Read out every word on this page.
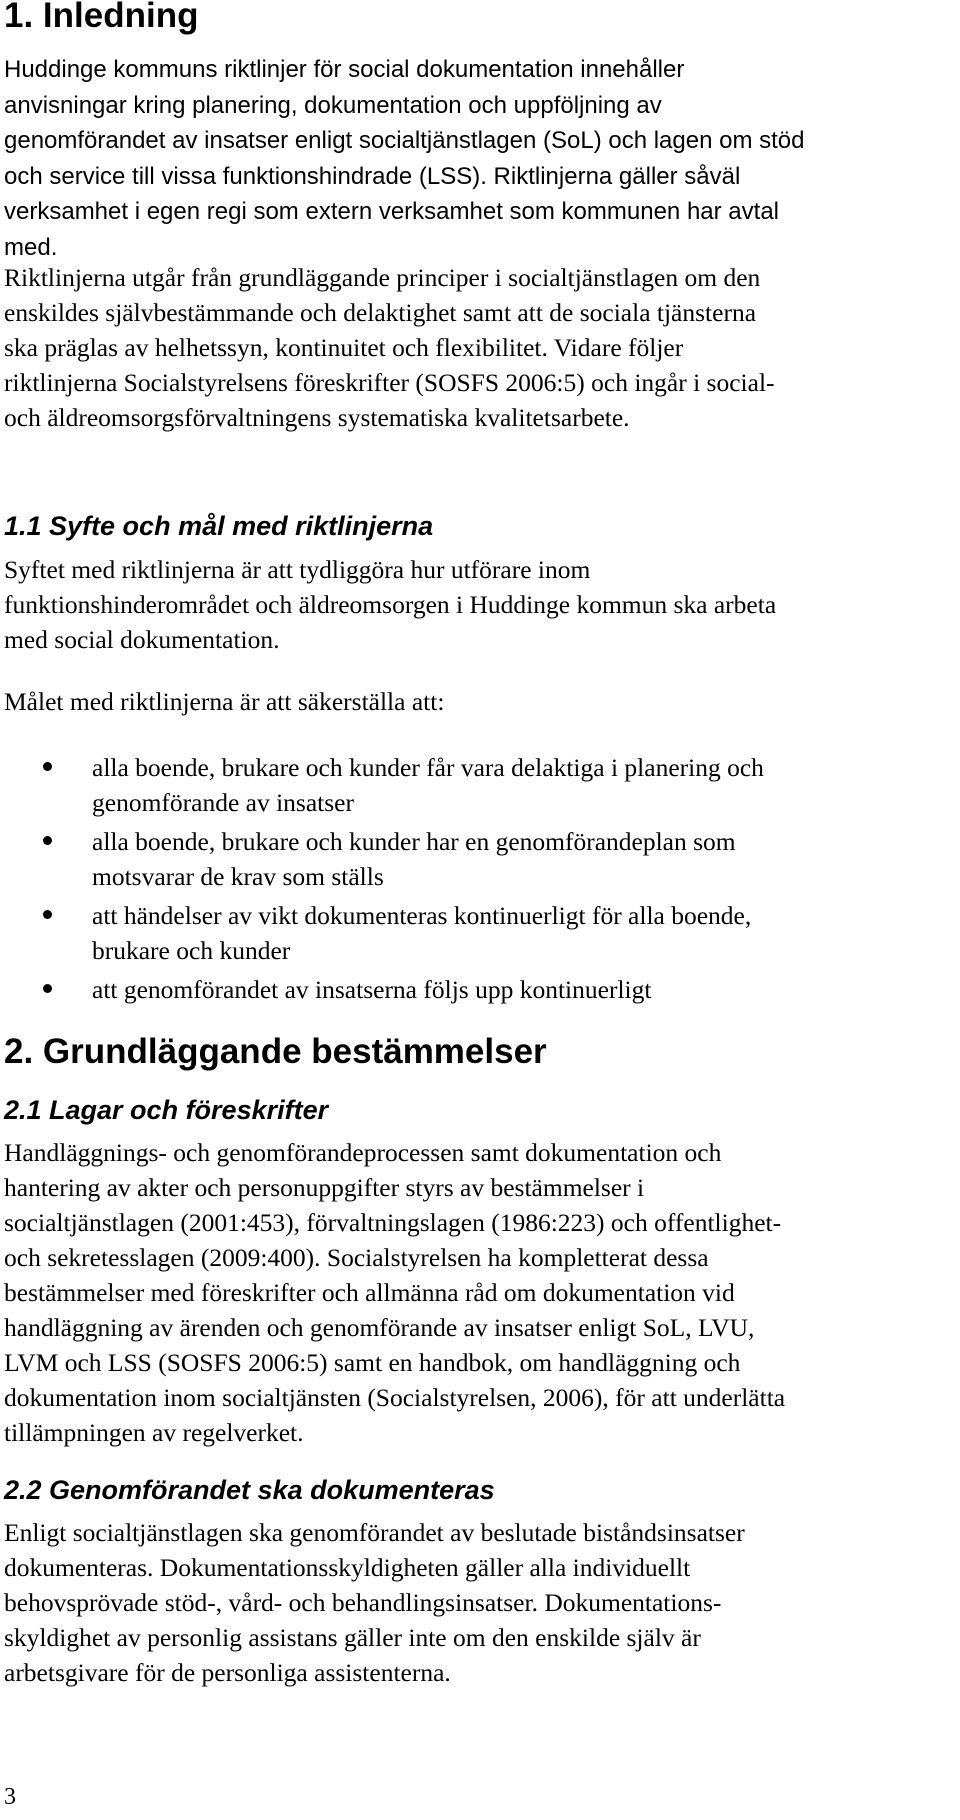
1. Inledning
Huddinge kommuns riktlinjer för social dokumentation innehåller
anvisningar kring planering, dokumentation och uppföljning av
genomförandet av insatser enligt socialtjänstlagen (SoL) och lagen om stöd
och service till vissa funktionshindrade (LSS). Riktlinjerna gäller såväl
verksamhet i egen regi som extern verksamhet som kommunen har avtal
med.
Riktlinjerna utgår från grundläggande principer i socialtjänstlagen om den
enskildes självbestämmande och delaktighet samt att de sociala tjänsterna
ska präglas av helhetssyn, kontinuitet och flexibilitet. Vidare följer
riktlinjerna Socialstyrelsens föreskrifter (SOSFS 2006:5) och ingår i social-
och äldreomsorgsförvaltningens systematiska kvalitetsarbete.
1.1 Syfte och mål med riktlinjerna
Syftet med riktlinjerna är att tydliggöra hur utförare inom
funktionshinderområdet och äldreomsorgen i Huddinge kommun ska arbeta
med social dokumentation.
Målet med riktlinjerna är att säkerställa att:
alla boende, brukare och kunder får vara delaktiga i planering och
genomförande av insatser
alla boende, brukare och kunder har en genomförandeplan som
motsvarar de krav som ställs
att händelser av vikt dokumenteras kontinuerligt för alla boende,
brukare och kunder
att genomförandet av insatserna följs upp kontinuerligt
2. Grundläggande bestämmelser
2.1 Lagar och föreskrifter
Handläggnings- och genomförandeprocessen samt dokumentation och
hantering av akter och personuppgifter styrs av bestämmelser i
socialtjänstlagen (2001:453), förvaltningslagen (1986:223) och offentlighet-
och sekretesslagen (2009:400). Socialstyrelsen ha kompletterat dessa
bestämmelser med föreskrifter och allmänna råd om dokumentation vid
handläggning av ärenden och genomförande av insatser enligt SoL, LVU,
LVM och LSS (SOSFS 2006:5) samt en handbok, om handläggning och
dokumentation inom socialtjänsten (Socialstyrelsen, 2006), för att underlätta
tillämpningen av regelverket.
2.2 Genomförandet ska dokumenteras
Enligt socialtjänstlagen ska genomförandet av beslutade biståndsinsatser
dokumenteras. Dokumentationsskyldigheten gäller alla individuellt
behovsprövade stöd-, vård- och behandlingsinsatser. Dokumentations-
skyldighet av personlig assistans gäller inte om den enskilde själv är
arbetsgivare för de personliga assistenterna.
3
